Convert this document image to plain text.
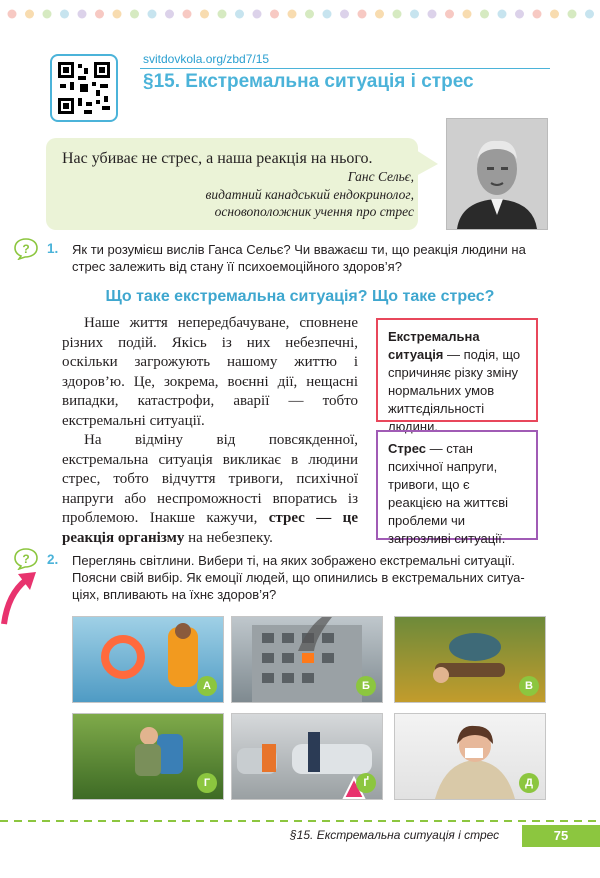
svitdovkola.org/zbd7/15
§15. Екстремальна ситуація і стрес
Нас убиває не стрес, а наша реакція на нього.
Ганс Сельє,
видатний канадський ендокринолог,
основоположник учення про стрес
? 1. Як ти розумієш вислів Ганса Сельє? Чи вважаєш ти, що реакція людини на
стрес залежить від стану її психоемоційного здоров’я?
Що таке екстремальна ситуація? Що таке стрес?

Наше життя непередбачуване, сповнене різних подій. Якісь із них небезпечні, оскільки загрожують нашому життю і здоров’ю. Це, зокрема, воєнні дії, нещасні випадки, катастрофи, аварії — тобто екстремальні ситуації.

На відміну від повсякденної, екстремальна ситуація викликає в людини стрес, тобто відчуття тривоги, психічної напруги або неспроможності впоратись із проблемою. Інакше кажучи, стрес — це реакція організму на небезпеку.

Екстремальна ситуація — подія, що спричиняє різку зміну нормальних умов життєдіяльності людини.
Стрес — стан психічної напруги, тривоги, що є реакцією на життєві проблеми чи загрозливі ситуації.
? 2. Переглянь світлини. Вибери ті, на яких зображено екстремальні ситуації.
Поясни свій вибір. Як емоції людей, що опинились в екстремальних ситуа-
ціях, впливають на їхнє здоров’я?
А	Б	В
Г	Ґ	Д
§15. Екстремальна ситуація і стрес	75
